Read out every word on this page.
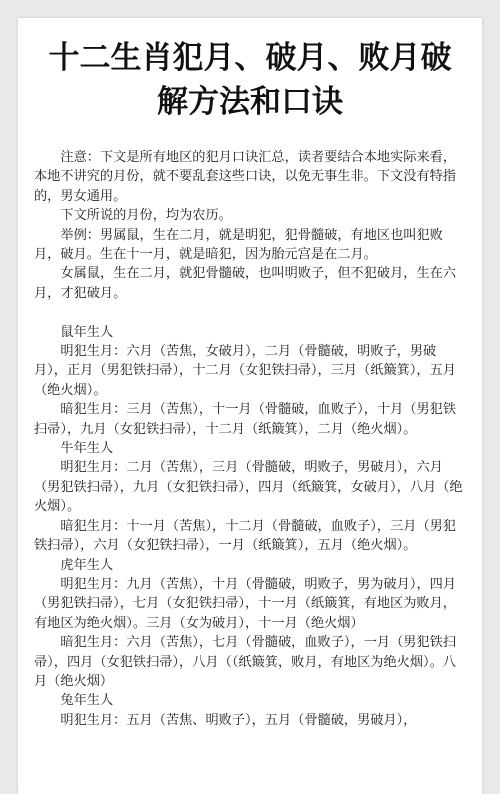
十二生肖犯月、破月、败月破
解方法和口诀

注意：下文是所有地区的犯月口诀汇总，读者要结合本地实际来看，本地不讲究的月份，就不要乱套这些口诀，以免无事生非。下文没有特指的，男女通用。

下文所说的月份，均为农历。

举例：男属鼠，生在二月，就是明犯，犯骨髓破，有地区也叫犯败月，破月。生在十一月，就是暗犯，因为胎元宫是在二月。

女属鼠，生在二月，就犯骨髓破，也叫明败子，但不犯破月，生在六月，才犯破月。

鼠年生人

明犯生月：六月（苦焦，女破月），二月（骨髓破，明败子，男破月），正月（男犯铁扫帚），十二月（女犯铁扫帚），三月（纸簸箕），五月（绝火烟）。

暗犯生月：三月（苦焦），十一月（骨髓破，血败子），十月（男犯铁扫帚），九月（女犯铁扫帚），十二月（纸簸箕），二月（绝火烟）。

牛年生人

明犯生月：二月（苦焦），三月（骨髓破，明败子，男破月），六月（男犯铁扫帚），九月（女犯铁扫帚），四月（纸簸箕，女破月），八月（绝火烟）。

暗犯生月：十一月（苦焦），十二月（骨髓破，血败子），三月（男犯铁扫帚），六月（女犯铁扫帚），一月（纸簸箕），五月（绝火烟）。

虎年生人

明犯生月：九月（苦焦），十月（骨髓破，明败子，男为破月），四月（男犯铁扫帚），七月（女犯铁扫帚），十一月（纸簸箕，有地区为败月，有地区为绝火烟）。三月（女为破月），十一月（绝火烟）

暗犯生月：六月（苦焦），七月（骨髓破，血败子），一月（男犯铁扫帚），四月（女犯铁扫帚），八月（（纸簸箕，败月，有地区为绝火烟）。八月（绝火烟）

兔年生人

明犯生月：五月（苦焦、明败子），五月（骨髓破，男破月），
